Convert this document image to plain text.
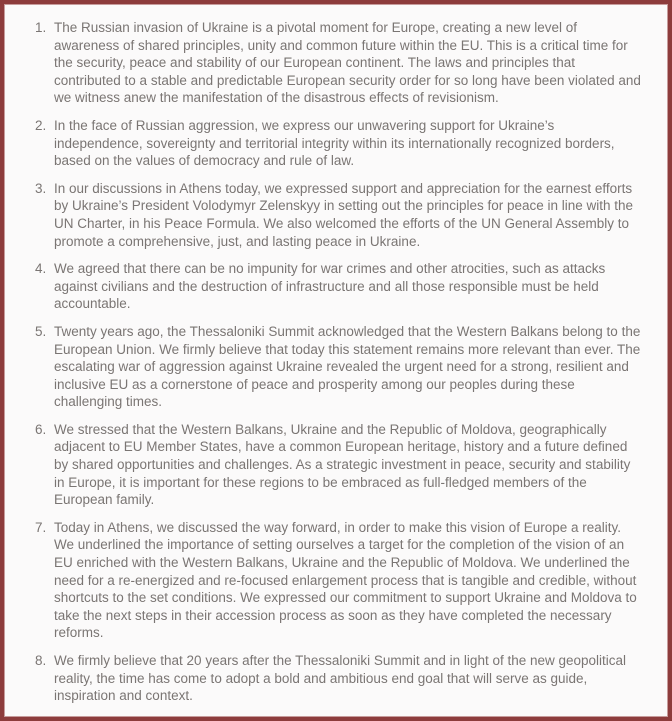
1. The Russian invasion of Ukraine is a pivotal moment for Europe, creating a new level of awareness of shared principles, unity and common future within the EU. This is a critical time for the security, peace and stability of our European continent. The laws and principles that contributed to a stable and predictable European security order for so long have been violated and we witness anew the manifestation of the disastrous effects of revisionism.
2. In the face of Russian aggression, we express our unwavering support for Ukraine’s independence, sovereignty and territorial integrity within its internationally recognized borders, based on the values of democracy and rule of law.
3. In our discussions in Athens today, we expressed support and appreciation for the earnest efforts by Ukraine’s President Volodymyr Zelenskyy in setting out the principles for peace in line with the UN Charter, in his Peace Formula. We also welcomed the efforts of the UN General Assembly to promote a comprehensive, just, and lasting peace in Ukraine.
4. We agreed that there can be no impunity for war crimes and other atrocities, such as attacks against civilians and the destruction of infrastructure and all those responsible must be held accountable.
5. Twenty years ago, the Thessaloniki Summit acknowledged that the Western Balkans belong to the European Union. We firmly believe that today this statement remains more relevant than ever. The escalating war of aggression against Ukraine revealed the urgent need for a strong, resilient and inclusive EU as a cornerstone of peace and prosperity among our peoples during these challenging times.
6. We stressed that the Western Balkans, Ukraine and the Republic of Moldova, geographically adjacent to EU Member States, have a common European heritage, history and a future defined by shared opportunities and challenges. As a strategic investment in peace, security and stability in Europe, it is important for these regions to be embraced as full-fledged members of the European family.
7. Today in Athens, we discussed the way forward, in order to make this vision of Europe a reality. We underlined the importance of setting ourselves a target for the completion of the vision of an EU enriched with the Western Balkans, Ukraine and the Republic of Moldova. We underlined the need for a re-energized and re-focused enlargement process that is tangible and credible, without shortcuts to the set conditions. We expressed our commitment to support Ukraine and Moldova to take the next steps in their accession process as soon as they have completed the necessary reforms.
8. We firmly believe that 20 years after the Thessaloniki Summit and in light of the new geopolitical reality, the time has come to adopt a bold and ambitious end goal that will serve as guide, inspiration and context.
